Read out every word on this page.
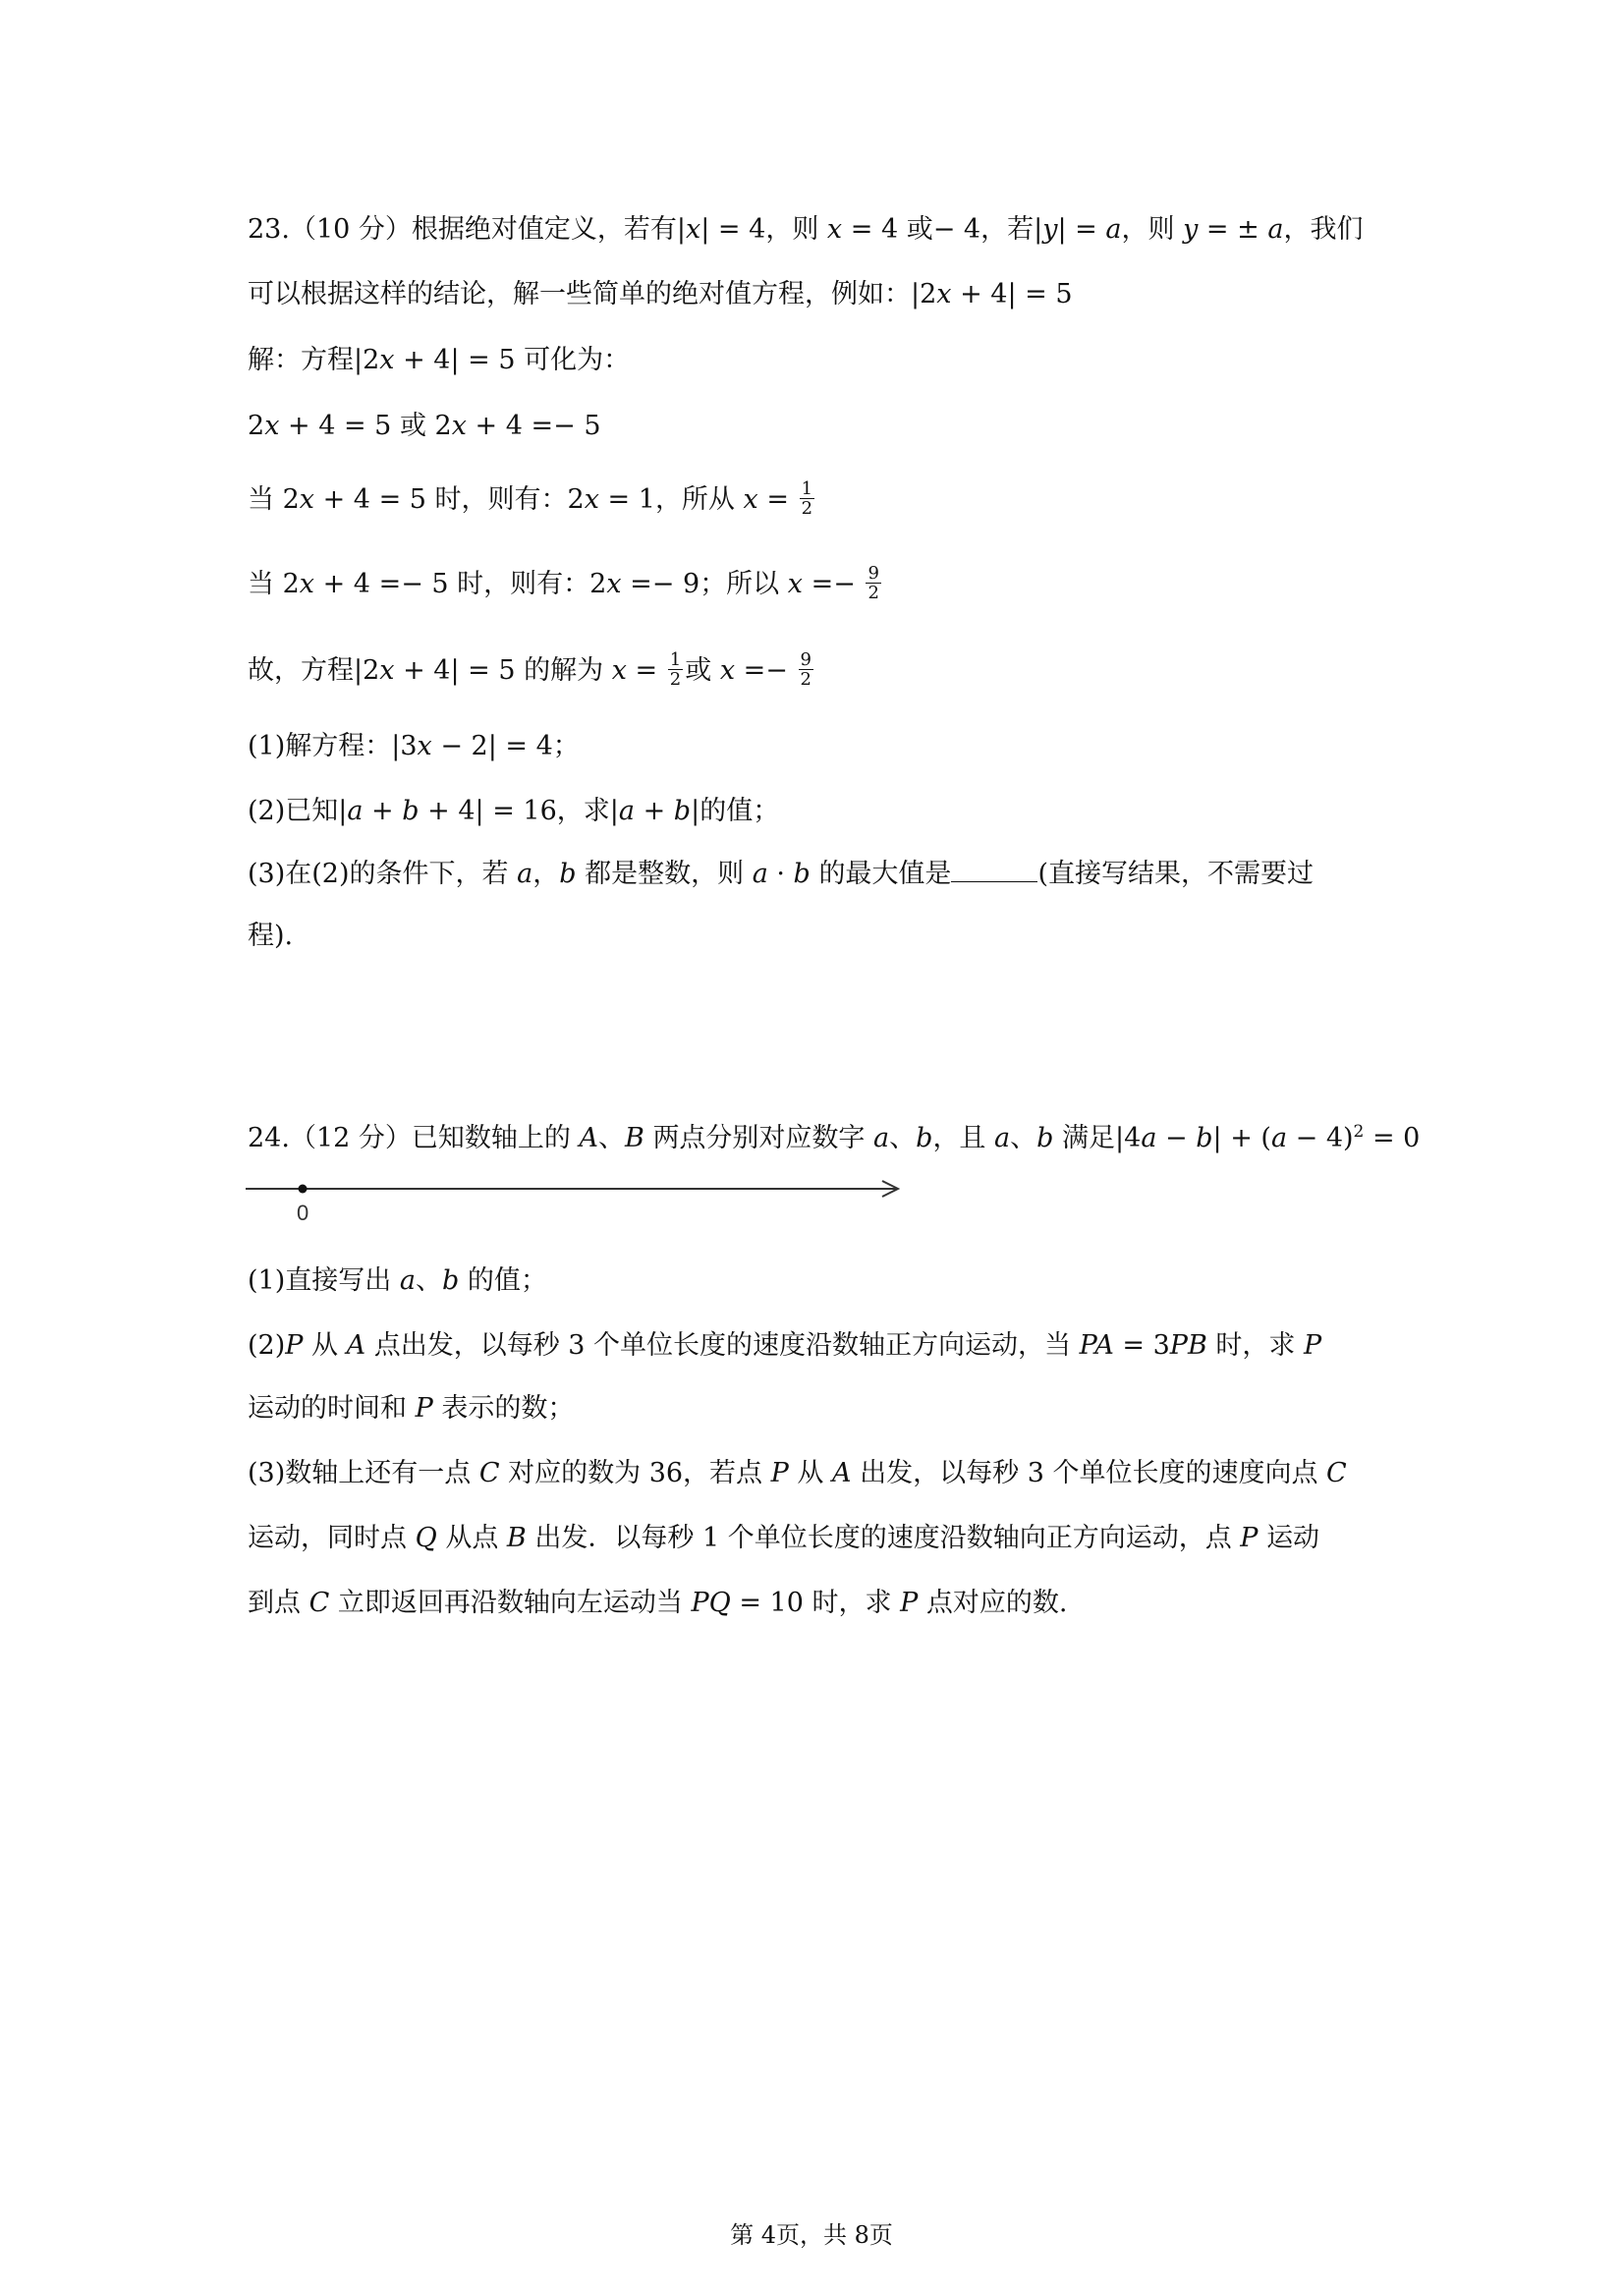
23.（10 分）根据绝对值定义，若有|x| = 4，则 x = 4 或− 4，若|y| = a，则 y = ± a，我们
可以根据这样的结论，解一些简单的绝对值方程，例如：|2x + 4| = 5
解：方程|2x + 4| = 5 可化为：
2x + 4 = 5 或 2x + 4 =− 5
当 2x + 4 = 5 时，则有：2x = 1，所从 $x = \frac{1}{2}$
当 2x + 4 =− 5 时，则有：2x =− 9；所以 $x =- \frac{9}{2}$
故，方程|2x + 4| = 5 的解为 $x = \frac{1}{2}$ 或 $x =- \frac{9}{2}$
(1)解方程：|3x − 2| = 4；
(2)已知|a + b + 4| = 16，求|a + b|的值；
(3)在(2)的条件下，若 a，b 都是整数，则 a · b 的最大值是	(直接写结果，不需要过
程).
24.（12 分）已知数轴上的 A、B 两点分别对应数字 a、b，且 a、b 满足$|4a - b| + (a - 4)^2 = 0$
0
(1)直接写出 a、b 的值；
(2)P 从 A 点出发，以每秒 3 个单位长度的速度沿数轴正方向运动，当 PA = 3PB 时，求 P
运动的时间和 P 表示的数；
(3)数轴上还有一点 C 对应的数为 36，若点 P 从 A 出发，以每秒 3 个单位长度的速度向点 C
运动，同时点 Q 从点 B 出发．以每秒 1 个单位长度的速度沿数轴向正方向运动，点 P 运动
到点 C 立即返回再沿数轴向左运动当 PQ = 10 时，求 P 点对应的数.
第 4页，共 8页
